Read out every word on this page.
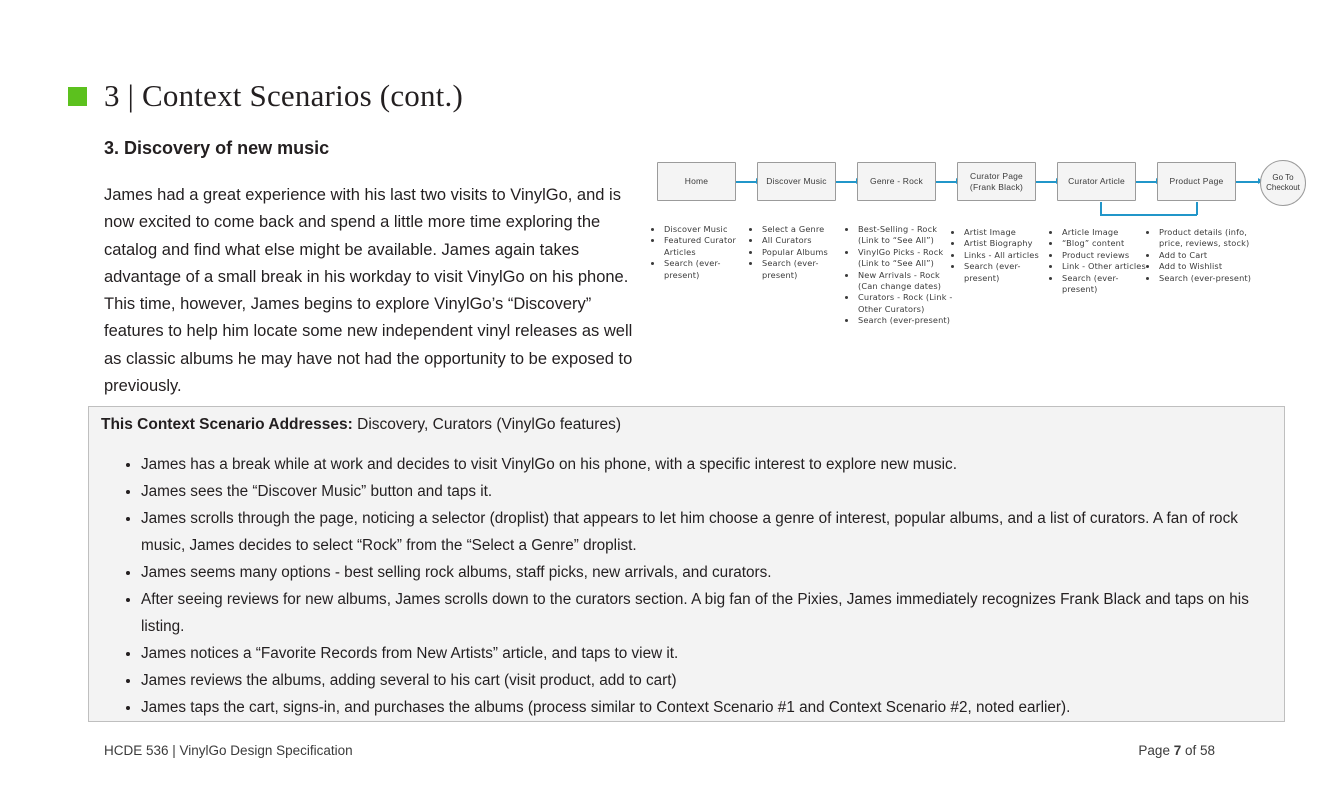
3 | Context Scenarios (cont.)
3. Discovery of new music
James had a great experience with his last two visits to VinylGo, and is now excited to come back and spend a little more time exploring the catalog and find what else might be available. James again takes advantage of a small break in his workday to visit VinylGo on his phone. This time, however, James begins to explore VinylGo’s “Discovery” features to help him locate some new independent vinyl releases as well as classic albums he may have not had the opportunity to be exposed to previously.
Home	Discover Music	Genre - Rock
Curator Page (Frank Black)
Curator Article	Product Page	Go To Checkout
• Discover Music
• Featured Curator Articles
• Search (ever-present)
• Select a Genre
• All Curators
• Popular Albums
• Search (ever-present)
• Best-Selling - Rock (Link to “See All”)
• VinylGo Picks - Rock (Link to “See All”)
• New Arrivals - Rock (Can change dates)
• Curators - Rock (Link - Other Curators)
• Search (ever-present)
• Artist Image
• Artist Biography
• Links - All articles
• Search (ever-present)
• Article Image
• “Blog” content
• Product reviews
• Link - Other articles
• Search (ever-present)
• Product details (info, price, reviews, stock)
• Add to Cart
• Add to Wishlist
• Search (ever-present)
This Context Scenario Addresses: Discovery, Curators (VinylGo features)
• James has a break while at work and decides to visit VinylGo on his phone, with a specific interest to explore new music.
• James sees the “Discover Music” button and taps it.
• James scrolls through the page, noticing a selector (droplist) that appears to let him choose a genre of interest, popular albums, and a list of curators. A fan of rock music, James decides to select “Rock” from the “Select a Genre” droplist.
• James seems many options - best selling rock albums, staff picks, new arrivals, and curators.
• After seeing reviews for new albums, James scrolls down to the curators section. A big fan of the Pixies, James immediately recognizes Frank Black and taps on his listing.
• James notices a “Favorite Records from New Artists” article, and taps to view it.
• James reviews the albums, adding several to his cart (visit product, add to cart)
• James taps the cart, signs-in, and purchases the albums (process similar to Context Scenario #1 and Context Scenario #2, noted earlier).
HCDE 536 | VinylGo Design Specification	Page 7 of 58
